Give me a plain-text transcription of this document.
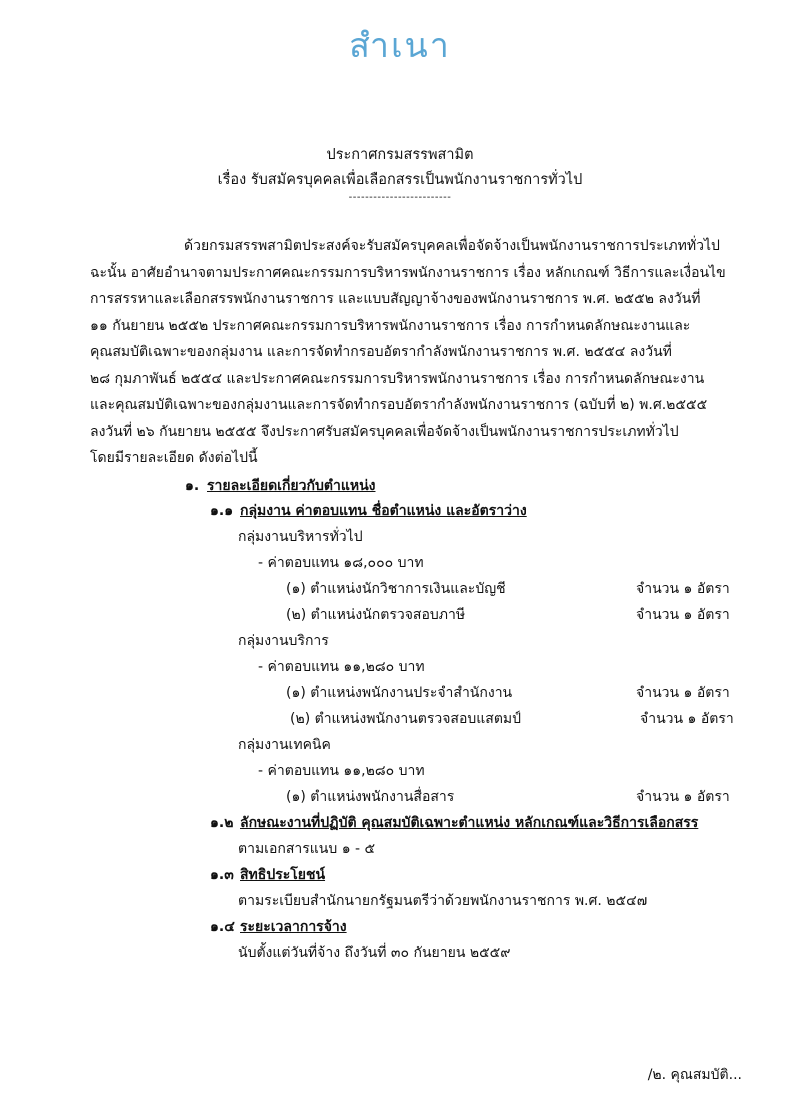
สำเนา
ประกาศกรมสรรพสามิต
เรื่อง รับสมัครบุคคลเพื่อเลือกสรรเป็นพนักงานราชการทั่วไป
-------------------------
ด้วยกรมสรรพสามิตประสงค์จะรับสมัครบุคคลเพื่อจัดจ้างเป็นพนักงานราชการประเภททั่วไป
ฉะนั้น อาศัยอำนาจตามประกาศคณะกรรมการบริหารพนักงานราชการ เรื่อง หลักเกณฑ์ วิธีการและเงื่อนไข
การสรรหาและเลือกสรรพนักงานราชการ และแบบสัญญาจ้างของพนักงานราชการ พ.ศ. ๒๕๕๒ ลงวันที่
๑๑ กันยายน ๒๕๕๒ ประกาศคณะกรรมการบริหารพนักงานราชการ เรื่อง การกำหนดลักษณะงานและ
คุณสมบัติเฉพาะของกลุ่มงาน และการจัดทำกรอบอัตรากำลังพนักงานราชการ พ.ศ. ๒๕๕๔ ลงวันที่
๒๘ กุมภาพันธ์ ๒๕๕๔ และประกาศคณะกรรมการบริหารพนักงานราชการ เรื่อง การกำหนดลักษณะงาน
และคุณสมบัติเฉพาะของกลุ่มงานและการจัดทำกรอบอัตรากำลังพนักงานราชการ (ฉบับที่ ๒) พ.ศ.๒๕๕๕
ลงวันที่ ๒๖ กันยายน ๒๕๕๕ จึงประกาศรับสมัครบุคคลเพื่อจัดจ้างเป็นพนักงานราชการประเภททั่วไป
โดยมีรายละเอียด ดังต่อไปนี้
๑. รายละเอียดเกี่ยวกับตำแหน่ง
๑.๑ กลุ่มงาน ค่าตอบแทน ชื่อตำแหน่ง และอัตราว่าง
กลุ่มงานบริหารทั่วไป
- ค่าตอบแทน ๑๘,๐๐๐ บาท
(๑) ตำแหน่งนักวิชาการเงินและบัญชี	จำนวน ๑ อัตรา
(๒) ตำแหน่งนักตรวจสอบภาษี	จำนวน ๑ อัตรา
กลุ่มงานบริการ
- ค่าตอบแทน ๑๑,๒๘๐ บาท
(๑) ตำแหน่งพนักงานประจำสำนักงาน	จำนวน ๑ อัตรา
(๒) ตำแหน่งพนักงานตรวจสอบแสตมป์	จำนวน ๑ อัตรา
กลุ่มงานเทคนิค
- ค่าตอบแทน ๑๑,๒๘๐ บาท
(๑) ตำแหน่งพนักงานสื่อสาร	จำนวน ๑ อัตรา
๑.๒ ลักษณะงานที่ปฏิบัติ คุณสมบัติเฉพาะตำแหน่ง หลักเกณฑ์และวิธีการเลือกสรร
ตามเอกสารแนบ ๑ - ๕
๑.๓ สิทธิประโยชน์
ตามระเบียบสำนักนายกรัฐมนตรีว่าด้วยพนักงานราชการ พ.ศ. ๒๕๔๗
๑.๔ ระยะเวลาการจ้าง
นับตั้งแต่วันที่จ้าง ถึงวันที่ ๓๐ กันยายน ๒๕๕๙
/๒. คุณสมบัติ...
